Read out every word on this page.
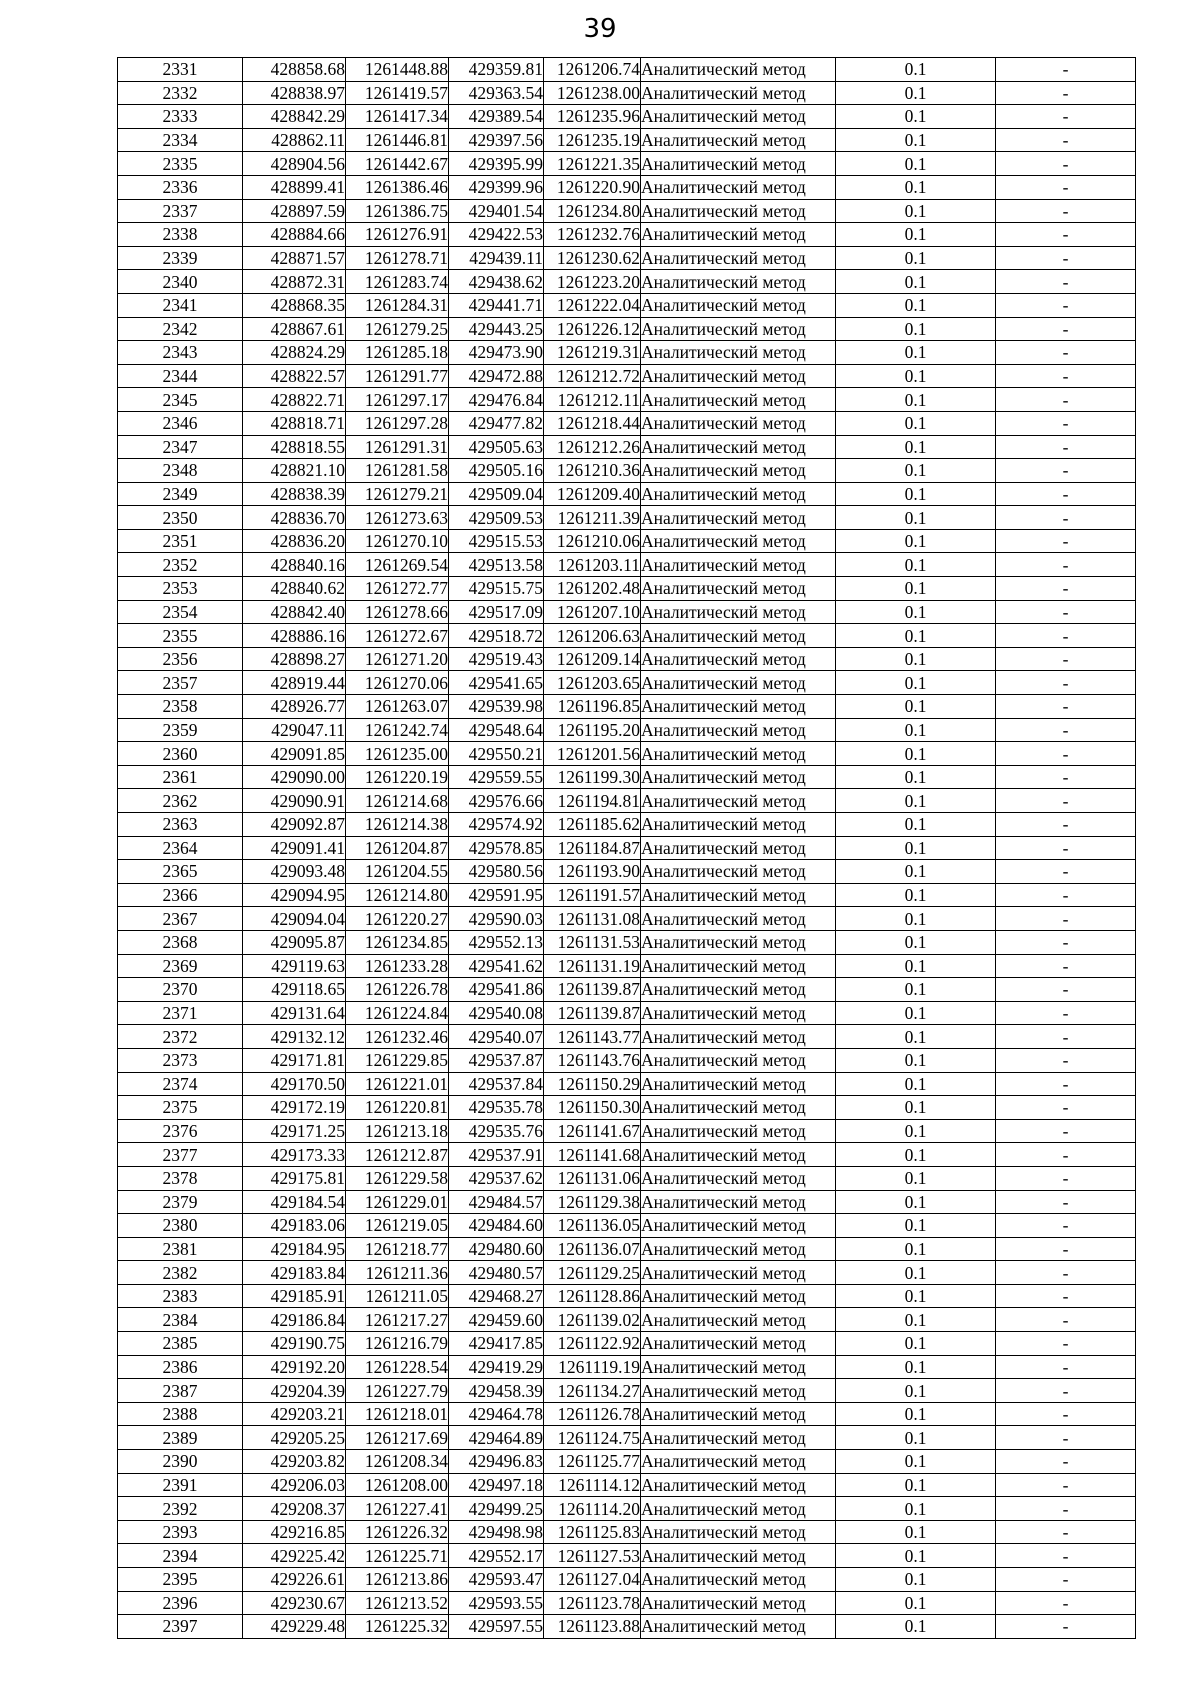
39
2331	428858.68	1261448.88	429359.81	1261206.74	Аналитический метод	0.1	-
2332	428838.97	1261419.57	429363.54	1261238.00	Аналитический метод	0.1	-
2333	428842.29	1261417.34	429389.54	1261235.96	Аналитический метод	0.1	-
2334	428862.11	1261446.81	429397.56	1261235.19	Аналитический метод	0.1	-
2335	428904.56	1261442.67	429395.99	1261221.35	Аналитический метод	0.1	-
2336	428899.41	1261386.46	429399.96	1261220.90	Аналитический метод	0.1	-
2337	428897.59	1261386.75	429401.54	1261234.80	Аналитический метод	0.1	-
2338	428884.66	1261276.91	429422.53	1261232.76	Аналитический метод	0.1	-
2339	428871.57	1261278.71	429439.11	1261230.62	Аналитический метод	0.1	-
2340	428872.31	1261283.74	429438.62	1261223.20	Аналитический метод	0.1	-
2341	428868.35	1261284.31	429441.71	1261222.04	Аналитический метод	0.1	-
2342	428867.61	1261279.25	429443.25	1261226.12	Аналитический метод	0.1	-
2343	428824.29	1261285.18	429473.90	1261219.31	Аналитический метод	0.1	-
2344	428822.57	1261291.77	429472.88	1261212.72	Аналитический метод	0.1	-
2345	428822.71	1261297.17	429476.84	1261212.11	Аналитический метод	0.1	-
2346	428818.71	1261297.28	429477.82	1261218.44	Аналитический метод	0.1	-
2347	428818.55	1261291.31	429505.63	1261212.26	Аналитический метод	0.1	-
2348	428821.10	1261281.58	429505.16	1261210.36	Аналитический метод	0.1	-
2349	428838.39	1261279.21	429509.04	1261209.40	Аналитический метод	0.1	-
2350	428836.70	1261273.63	429509.53	1261211.39	Аналитический метод	0.1	-
2351	428836.20	1261270.10	429515.53	1261210.06	Аналитический метод	0.1	-
2352	428840.16	1261269.54	429513.58	1261203.11	Аналитический метод	0.1	-
2353	428840.62	1261272.77	429515.75	1261202.48	Аналитический метод	0.1	-
2354	428842.40	1261278.66	429517.09	1261207.10	Аналитический метод	0.1	-
2355	428886.16	1261272.67	429518.72	1261206.63	Аналитический метод	0.1	-
2356	428898.27	1261271.20	429519.43	1261209.14	Аналитический метод	0.1	-
2357	428919.44	1261270.06	429541.65	1261203.65	Аналитический метод	0.1	-
2358	428926.77	1261263.07	429539.98	1261196.85	Аналитический метод	0.1	-
2359	429047.11	1261242.74	429548.64	1261195.20	Аналитический метод	0.1	-
2360	429091.85	1261235.00	429550.21	1261201.56	Аналитический метод	0.1	-
2361	429090.00	1261220.19	429559.55	1261199.30	Аналитический метод	0.1	-
2362	429090.91	1261214.68	429576.66	1261194.81	Аналитический метод	0.1	-
2363	429092.87	1261214.38	429574.92	1261185.62	Аналитический метод	0.1	-
2364	429091.41	1261204.87	429578.85	1261184.87	Аналитический метод	0.1	-
2365	429093.48	1261204.55	429580.56	1261193.90	Аналитический метод	0.1	-
2366	429094.95	1261214.80	429591.95	1261191.57	Аналитический метод	0.1	-
2367	429094.04	1261220.27	429590.03	1261131.08	Аналитический метод	0.1	-
2368	429095.87	1261234.85	429552.13	1261131.53	Аналитический метод	0.1	-
2369	429119.63	1261233.28	429541.62	1261131.19	Аналитический метод	0.1	-
2370	429118.65	1261226.78	429541.86	1261139.87	Аналитический метод	0.1	-
2371	429131.64	1261224.84	429540.08	1261139.87	Аналитический метод	0.1	-
2372	429132.12	1261232.46	429540.07	1261143.77	Аналитический метод	0.1	-
2373	429171.81	1261229.85	429537.87	1261143.76	Аналитический метод	0.1	-
2374	429170.50	1261221.01	429537.84	1261150.29	Аналитический метод	0.1	-
2375	429172.19	1261220.81	429535.78	1261150.30	Аналитический метод	0.1	-
2376	429171.25	1261213.18	429535.76	1261141.67	Аналитический метод	0.1	-
2377	429173.33	1261212.87	429537.91	1261141.68	Аналитический метод	0.1	-
2378	429175.81	1261229.58	429537.62	1261131.06	Аналитический метод	0.1	-
2379	429184.54	1261229.01	429484.57	1261129.38	Аналитический метод	0.1	-
2380	429183.06	1261219.05	429484.60	1261136.05	Аналитический метод	0.1	-
2381	429184.95	1261218.77	429480.60	1261136.07	Аналитический метод	0.1	-
2382	429183.84	1261211.36	429480.57	1261129.25	Аналитический метод	0.1	-
2383	429185.91	1261211.05	429468.27	1261128.86	Аналитический метод	0.1	-
2384	429186.84	1261217.27	429459.60	1261139.02	Аналитический метод	0.1	-
2385	429190.75	1261216.79	429417.85	1261122.92	Аналитический метод	0.1	-
2386	429192.20	1261228.54	429419.29	1261119.19	Аналитический метод	0.1	-
2387	429204.39	1261227.79	429458.39	1261134.27	Аналитический метод	0.1	-
2388	429203.21	1261218.01	429464.78	1261126.78	Аналитический метод	0.1	-
2389	429205.25	1261217.69	429464.89	1261124.75	Аналитический метод	0.1	-
2390	429203.82	1261208.34	429496.83	1261125.77	Аналитический метод	0.1	-
2391	429206.03	1261208.00	429497.18	1261114.12	Аналитический метод	0.1	-
2392	429208.37	1261227.41	429499.25	1261114.20	Аналитический метод	0.1	-
2393	429216.85	1261226.32	429498.98	1261125.83	Аналитический метод	0.1	-
2394	429225.42	1261225.71	429552.17	1261127.53	Аналитический метод	0.1	-
2395	429226.61	1261213.86	429593.47	1261127.04	Аналитический метод	0.1	-
2396	429230.67	1261213.52	429593.55	1261123.78	Аналитический метод	0.1	-
2397	429229.48	1261225.32	429597.55	1261123.88	Аналитический метод	0.1	-
